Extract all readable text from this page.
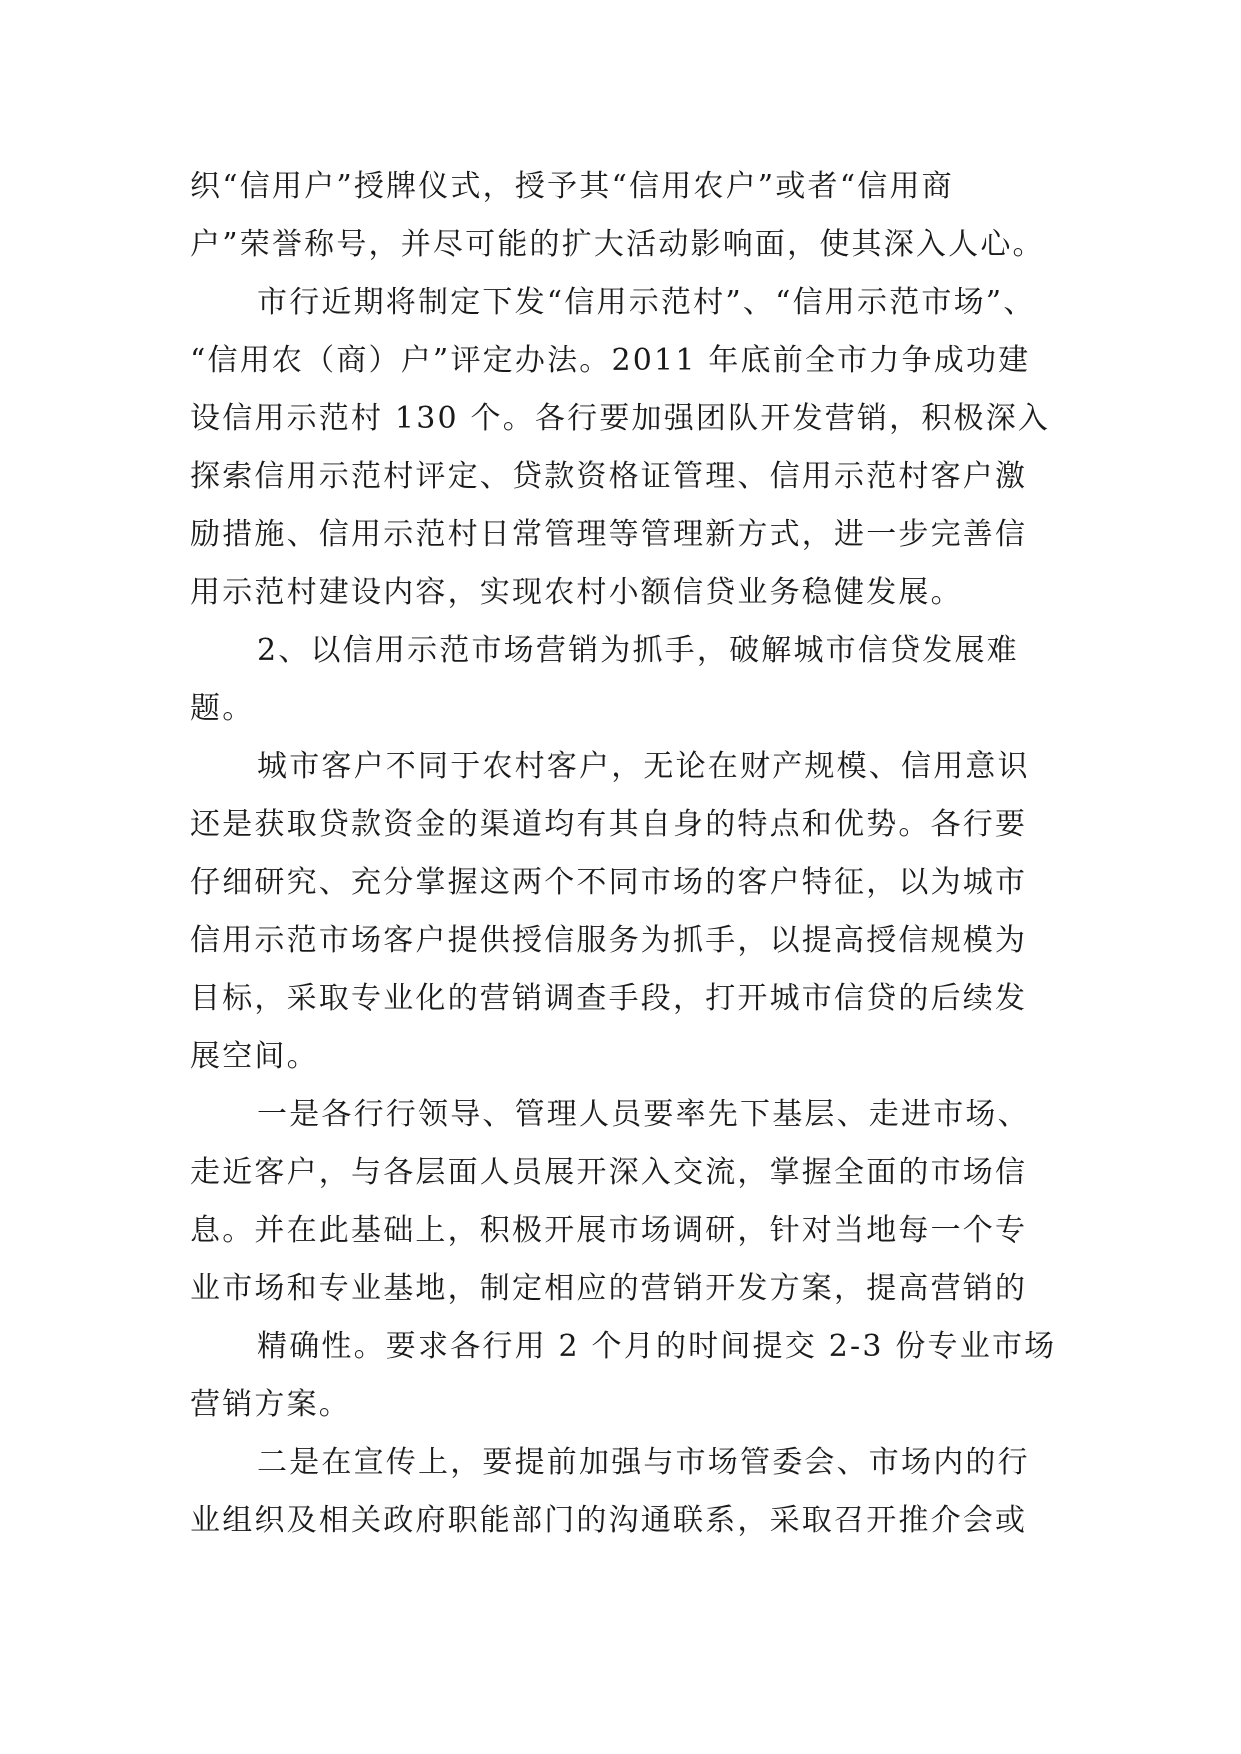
织“信用户”授牌仪式，授予其“信用农户”或者“信用商
户”荣誉称号，并尽可能的扩大活动影响面，使其深入人心。
市行近期将制定下发“信用示范村”、“信用示范市场”、
“信用农（商）户”评定办法。2011 年底前全市力争成功建
设信用示范村 130 个。各行要加强团队开发营销，积极深入
探索信用示范村评定、贷款资格证管理、信用示范村客户激
励措施、信用示范村日常管理等管理新方式，进一步完善信
用示范村建设内容，实现农村小额信贷业务稳健发展。
2、以信用示范市场营销为抓手，破解城市信贷发展难
题。
城市客户不同于农村客户，无论在财产规模、信用意识
还是获取贷款资金的渠道均有其自身的特点和优势。各行要
仔细研究、充分掌握这两个不同市场的客户特征，以为城市
信用示范市场客户提供授信服务为抓手，以提高授信规模为
目标，采取专业化的营销调查手段，打开城市信贷的后续发
展空间。
一是各行行领导、管理人员要率先下基层、走进市场、
走近客户，与各层面人员展开深入交流，掌握全面的市场信
息。并在此基础上，积极开展市场调研，针对当地每一个专
业市场和专业基地，制定相应的营销开发方案，提高营销的
精确性。要求各行用 2 个月的时间提交 2-3 份专业市场
营销方案。
二是在宣传上，要提前加强与市场管委会、市场内的行
业组织及相关政府职能部门的沟通联系，采取召开推介会或
